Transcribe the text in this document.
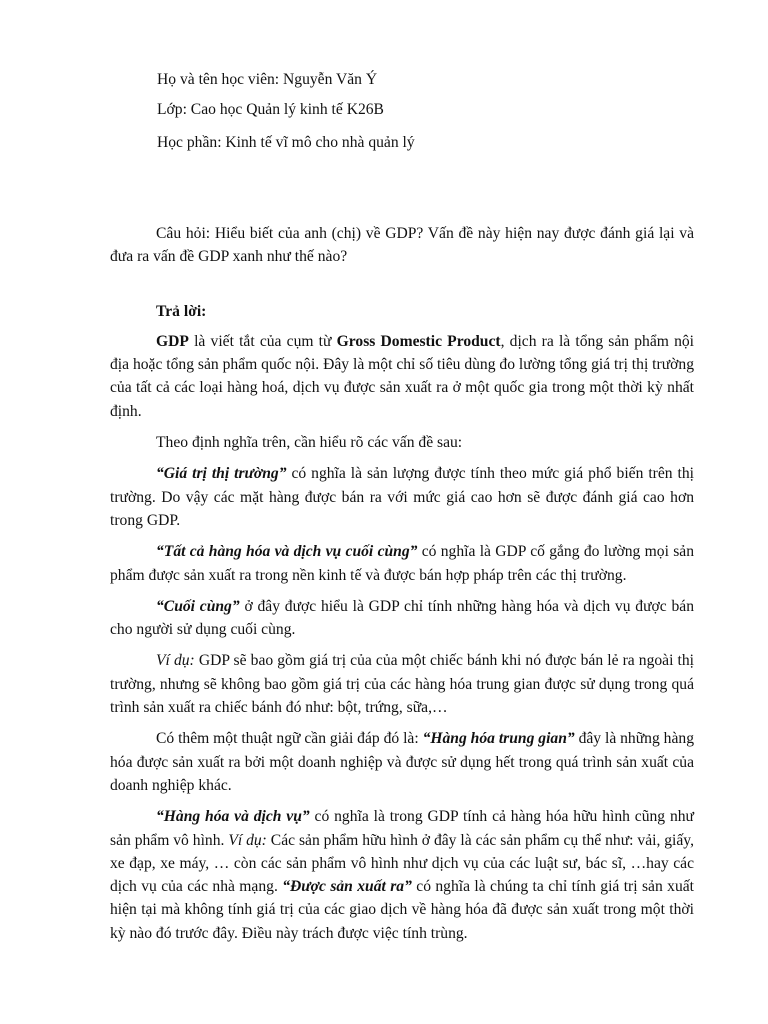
Họ và tên học viên: Nguyễn Văn Ý

Lớp: Cao học Quản lý kinh tế K26B

Học phần: Kinh tế vĩ mô cho nhà quản lý

Câu hỏi: Hiểu biết của anh (chị) về GDP? Vấn đề này hiện nay được đánh giá lại và đưa ra vấn đề GDP xanh như thế nào?

Trả lời:

GDP là viết tắt của cụm từ Gross Domestic Product, dịch ra là tổng sản phẩm nội địa hoặc tổng sản phẩm quốc nội. Đây là một chỉ số tiêu dùng đo lường tổng giá trị thị trường của tất cả các loại hàng hoá, dịch vụ được sản xuất ra ở một quốc gia trong một thời kỳ nhất định.

Theo định nghĩa trên, cần hiểu rõ các vấn đề sau:

“Giá trị thị trường” có nghĩa là sản lượng được tính theo mức giá phổ biến trên thị trường. Do vậy các mặt hàng được bán ra với mức giá cao hơn sẽ được đánh giá cao hơn trong GDP.

“Tất cả hàng hóa và dịch vụ cuối cùng” có nghĩa là GDP cố gắng đo lường mọi sản phẩm được sản xuất ra trong nền kinh tế và được bán hợp pháp trên các thị trường.

“Cuối cùng” ở đây được hiểu là GDP chỉ tính những hàng hóa và dịch vụ được bán cho người sử dụng cuối cùng.

Ví dụ: GDP sẽ bao gồm giá trị của của một chiếc bánh khi nó được bán lẻ ra ngoài thị trường, nhưng sẽ không bao gồm giá trị của các hàng hóa trung gian được sử dụng trong quá trình sản xuất ra chiếc bánh đó như: bột, trứng, sữa,…

Có thêm một thuật ngữ cần giải đáp đó là: “Hàng hóa trung gian” đây là những hàng hóa được sản xuất ra bởi một doanh nghiệp và được sử dụng hết trong quá trình sản xuất của doanh nghiệp khác.

“Hàng hóa và dịch vụ” có nghĩa là trong GDP tính cả hàng hóa hữu hình cũng như sản phẩm vô hình. Ví dụ: Các sản phẩm hữu hình ở đây là các sản phẩm cụ thể như: vải, giấy, xe đạp, xe máy, … còn các sản phẩm vô hình như dịch vụ của các luật sư, bác sĩ, …hay các dịch vụ của các nhà mạng. “Được sản xuất ra” có nghĩa là chúng ta chỉ tính giá trị sản xuất hiện tại mà không tính giá trị của các giao dịch về hàng hóa đã được sản xuất trong một thời kỳ nào đó trước đây. Điều này trách được việc tính trùng.
